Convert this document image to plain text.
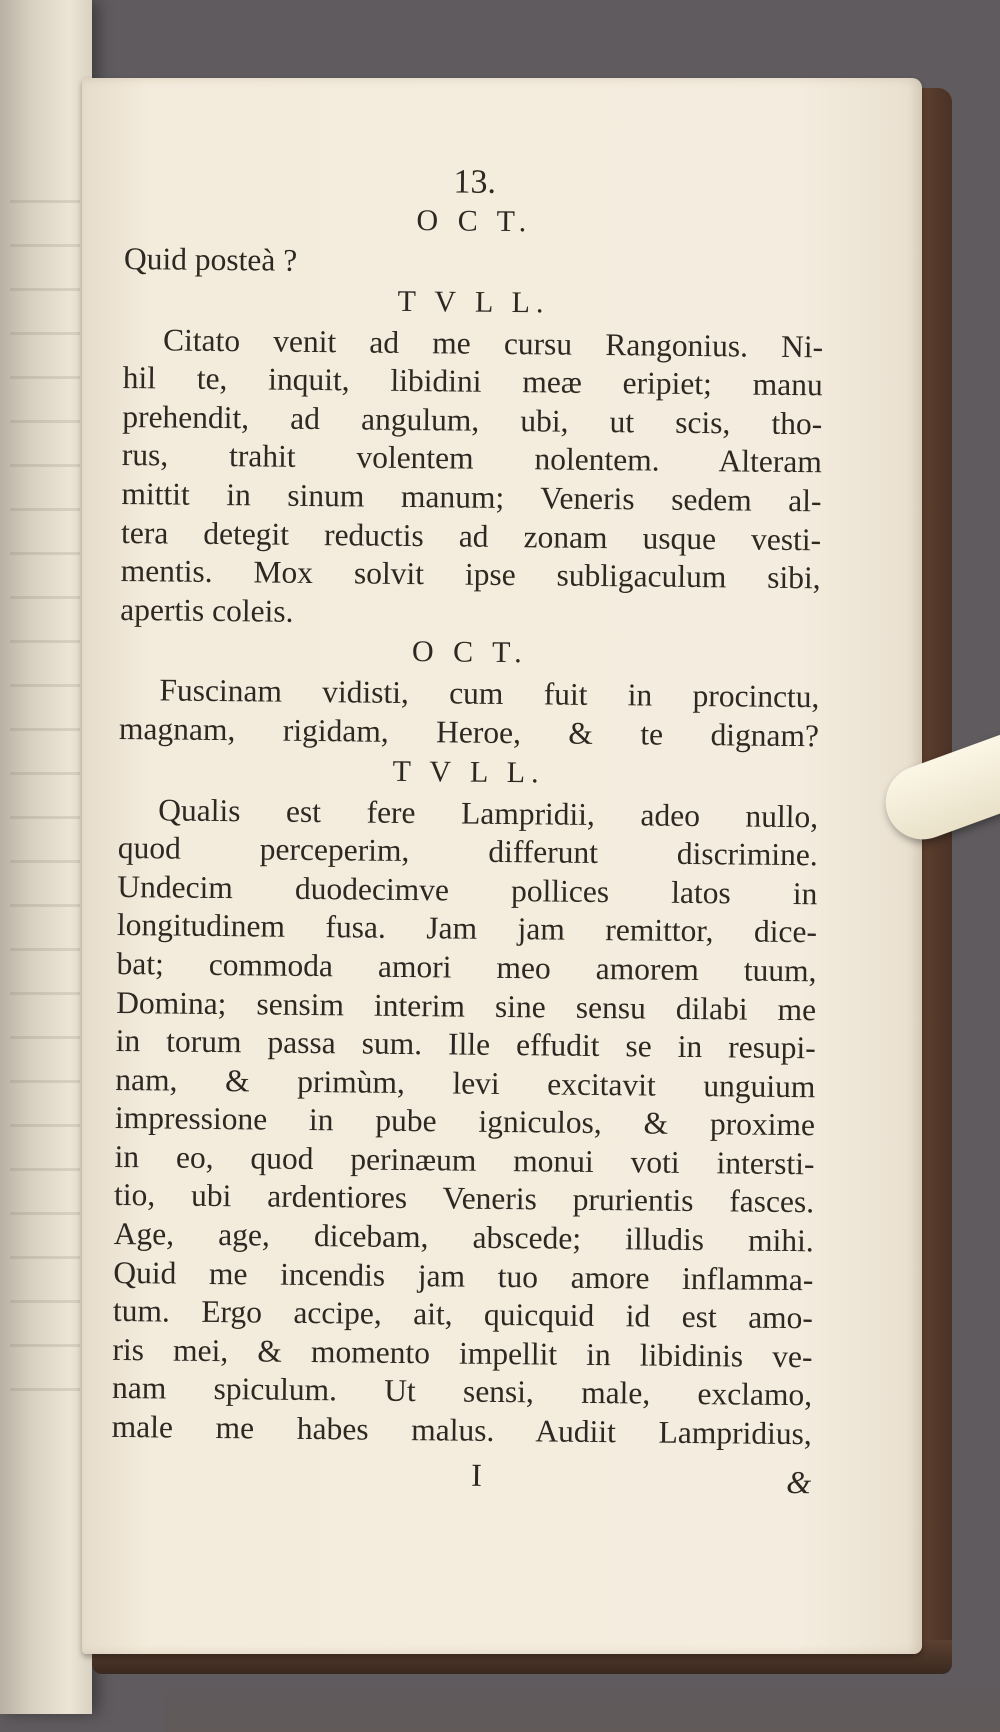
13.
O C T.
Quid posteà ?
T V L L.
Citato venit ad me cursu Rangonius. Ni-
hil te, inquit, libidini meæ eripiet; manu
prehendit, ad angulum, ubi, ut scis, tho-
rus, trahit volentem nolentem. Alteram
mittit in sinum manum; Veneris sedem al-
tera detegit reductis ad zonam usque vesti-
mentis. Mox solvit ipse subligaculum sibi,
apertis coleis.
O C T.
Fuscinam vidisti, cum fuit in procinctu,
magnam, rigidam, Heroe, & te dignam?
T V L L.
Qualis est fere Lampridii, adeo nullo,
quod perceperim, differunt discrimine.
Undecim duodecimve pollices latos in
longitudinem fusa. Jam jam remittor, dice-
bat; commoda amori meo amorem tuum,
Domina; sensim interim sine sensu dilabi me
in torum passa sum. Ille effudit se in resupi-
nam, & primùm, levi excitavit unguium
impressione in pube igniculos, & proxime
in eo, quod perinæum monui voti intersti-
tio, ubi ardentiores Veneris prurientis fasces.
Age, age, dicebam, abscede; illudis mihi.
Quid me incendis jam tuo amore inflamma-
tum. Ergo accipe, ait, quicquid id est amo-
ris mei, & momento impellit in libidinis ve-
nam spiculum. Ut sensi, male, exclamo,
male me habes malus. Audiit Lampridius,
I	&
